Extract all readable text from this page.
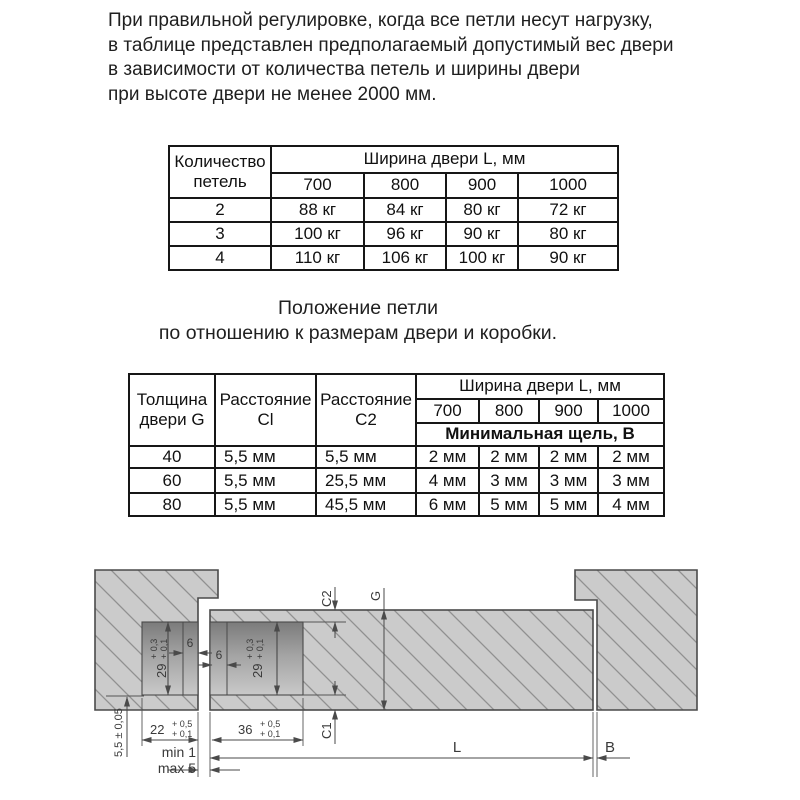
При правильной регулировке, когда все петли несут нагрузку,
в таблице представлен предполагаемый допустимый вес двери
в зависимости от количества петель и ширины двери
при высоте двери не менее 2000 мм.
Количество петель	Ширина двери L, мм			
	700	800	900	1000
2	88 кг	84 кг	80 кг	72 кг
3	100 кг	96 кг	90 кг	80 кг
4	110 кг	106 кг	100 кг	90 кг
Положение петли
по отношению к размерам двери и коробки.
Толщина двери G	Расстояние Cl	Расстояние C2	Ширина двери L, мм			
			700	800	900	1000
			Минимальная щель, В			
40	5,5 мм	5,5 мм	2 мм	2 мм	2 мм	2 мм
60	5,5 мм	25,5 мм	4 мм	3 мм	3 мм	3 мм
80	5,5 мм	45,5 мм	6 мм	5 мм	5 мм	4 мм
C2	G
C1
5,5 ± 0,05
29
+ 0,3 + 0,1
29
+ 0,3 + 0,1
6
6
22 + 0,5
+ 0,1	36 + 0,5
+ 0,1
min 1
max 5
L	B
